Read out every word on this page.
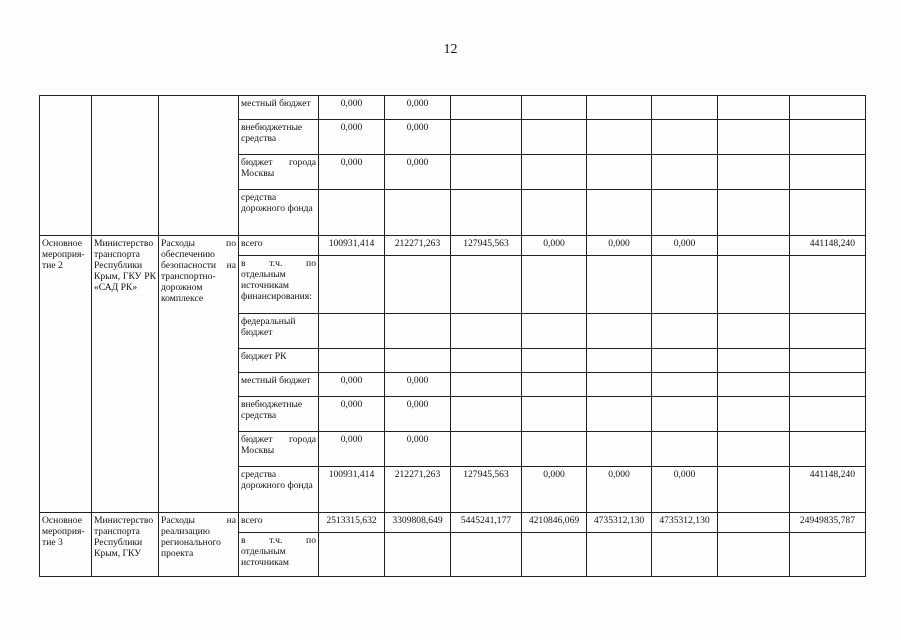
12
			местный бюджет	0,000	0,000						
			внебюджетные средства	0,000	0,000						
			бюджет города Москвы	0,000	0,000						
			средства дорожного фонда								
Основное мероприя-тие 2	Министерство транспорта Республики Крым, ГКУ РК «САД РК»	Расходы по обеспечению безопасности на транспортно-дорожном комплексе	всего	100931,414	212271,263	127945,563	0,000	0,000	0,000		441148,240
			в т.ч. по отдельным источникам финансирования:								
			федеральный бюджет								
			бюджет РК								
			местный бюджет	0,000	0,000						
			внебюджетные средства	0,000	0,000						
			бюджет города Москвы	0,000	0,000						
			средства дорожного фонда	100931,414	212271,263	127945,563	0,000	0,000	0,000		441148,240
Основное мероприя-тие 3	Министерство транспорта Республики Крым, ГКУ	Расходы на реализацию регионального проекта	всего	2513315,632	3309808,649	5445241,177	4210846,069	4735312,130	4735312,130		24949835,787
			в т.ч. по отдельным источникам								
